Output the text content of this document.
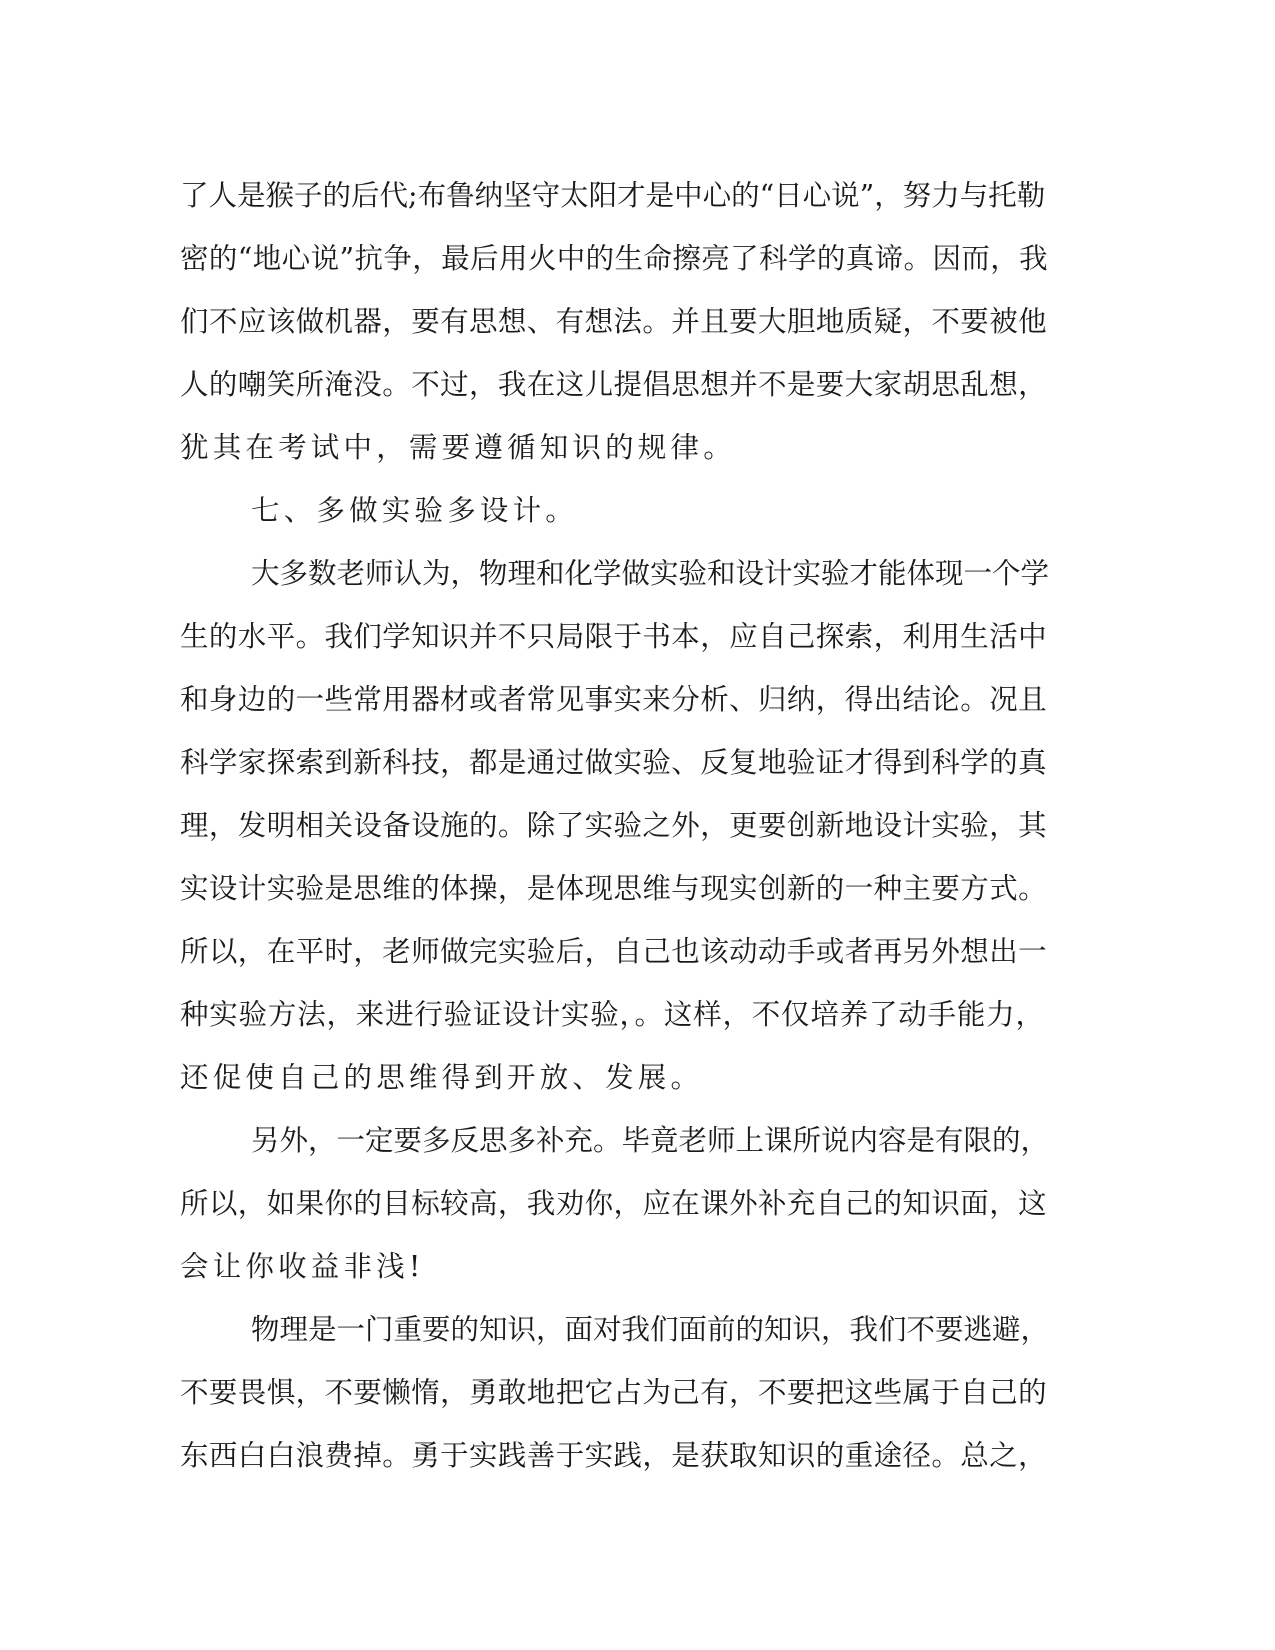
了人是猴子的后代;布鲁纳坚守太阳才是中心的“日心说”，努力与托勒
密的“地心说”抗争，最后用火中的生命擦亮了科学的真谛。因而，我
们不应该做机器，要有思想、有想法。并且要大胆地质疑，不要被他
人的嘲笑所淹没。不过，我在这儿提倡思想并不是要大家胡思乱想，
犹其在考试中，需要遵循知识的规律。
七、多做实验多设计。
大多数老师认为，物理和化学做实验和设计实验才能体现一个学
生的水平。我们学知识并不只局限于书本，应自己探索，利用生活中
和身边的一些常用器材或者常见事实来分析、归纳，得出结论。况且
科学家探索到新科技，都是通过做实验、反复地验证才得到科学的真
理，发明相关设备设施的。除了实验之外，更要创新地设计实验，其
实设计实验是思维的体操，是体现思维与现实创新的一种主要方式。
所以，在平时，老师做完实验后，自己也该动动手或者再另外想出一
种实验方法，来进行验证设计实验，。这样，不仅培养了动手能力，
还促使自己的思维得到开放、发展。
另外，一定要多反思多补充。毕竟老师上课所说内容是有限的，
所以，如果你的目标较高，我劝你，应在课外补充自己的知识面，这
会让你收益非浅!
物理是一门重要的知识，面对我们面前的知识，我们不要逃避，
不要畏惧，不要懒惰，勇敢地把它占为己有，不要把这些属于自己的
东西白白浪费掉。勇于实践善于实践，是获取知识的重途径。总之，
